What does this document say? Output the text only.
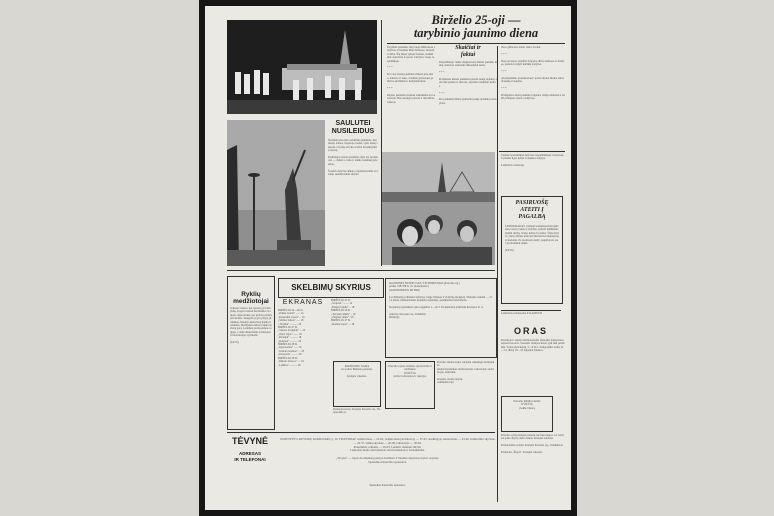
Birželio 25-oji —
tarybinio jaunimo diena
Tarybinis jaunimas dalyvauja didžiosiose statybose ir liaudies ūkio darbuose, mokosi ir dirba. Šią dieną vyksta šventės, susitikimai, koncertai ir sporto varžybos visoje respublikoje.

* * *

Per visą šventę jaunimas rinkosi prie ežero, dainavo ir šoko, sveikino geriausius gamybos pirmūnus ir komjaunuolius.

* * *

Rajono jaunimas ruošiasi susitikimui su veteranais. Bus surengta paroda ir literatūros vakaras.
Skaičiai ir
faktai
Respublikoje veikia daugiau kaip šimtas jaunimo klubų, kuriuose susirenka tūkstančiai narių.

* * *

Praėjusiais metais jaunimas pastatė naujų objektų, utvarkė parkus ir skverus, apsodino medžiais kelius.

* * *

Per penkmetį šimtai jaunuolių baigė technikos mokyklas.
visos gimtosios šalies darbo šventė.

* * *

Nuo pavasario jaunimo brigados dirba laukuose ir fermose, padeda tvarkyti kolūkių statybas.

* * *

„Komjaunimo prožektoriaus" postai nuolat tikrina darbo drausmę ir kokybę.

* * *

Pradėjusios darbą jaunimo brigados viršija užduotis ir laimi pirmąsias vietas varžybose.
SAULUTEI
NUSILEIDUS
Sutemus prie ežero susirinko jaunimas. Skambėjo dainos, liepsnojo laužai, vyko šokių vakaras. Į šventę atvyko svečiai iš kaimyninių rajonų.

Pasibaigus šventei jaunimas ilgai dar nesiskirstė — dainavo, šoko ir sutiko saulėtekį prie ežero.

Šventės dalyviai dėkojo organizatoriams ir žadėjo susitikti kitais metais.
Jaunieji sportininkai dalyvaus respublikinėse varžybose. Jų laukia ilgas kelias ir sunkios rungtys.

Laikraščio redakcija.
PASIRUOŠĘ
ATEITI Į
PAGALBĄ
LENINGRADAS. Jaunieji komjaunuoliai kiekvieną vasarą vyksta į statybas, padeda kolūkiams nuimti derlių, tvarko kelius ir parkus. Šiais metais į darbo būrius užsirašė tūkstančiai moksleivių ir studentų. Jie pasiruošę ateiti į pagalbą ten, kur jų labiausiai reikia.

(TASS).
Laikraščio redaktorius P. KAMUTIS
Ryklių
medžiotojai
Tokiose vietose, kur įprasta gyventi ryklių, žvejai ruošiasi medžioklei iš anksto. Ilgai laukia, kol grobis priartės prie kranto. Daugelis jų yra patyrę jūrininkai, žinantys kiekvieną įlanką ir seklumą. Medžioklė dažnai trunka ne vieną parą. Laimikis parduodamas turguje, o dalis išsiunčiama į muziejus ir laboratorijas tyrimams.

(TASS).
SKELBIMŲ SKYRIUS
EKRANAS
BIRŽELIO 24—26 D.
„Dainų šventė" ...... 14
„Paskutinė vasara" .. 16
„Širdies balsas" ..... 18
„Tėviškė" ........... 20
BIRŽELIO 27 D.
„Vakaro žvaigždė" ... 14
„Jūros vėjas" ....... 16
„Draugai" ........... 18
„Kelionė" ........... 20
BIRŽELIO 28 D.
„Ilgas kelias" ...... 14
„Gintaro krantas" ... 18
„Pavasaris" ......... 20
BIRŽELIO 29 D.
„Miesto šviesos" .... 16
„Laiškas" ........... 20
BIRŽELIO 25 D.
„Svajonė" ........ 14
„Pirmoji meilė" .. 18
BIRŽELIO 26 D.
„Tėvynės sūnūs" .. 16
„Žaliasis slėnis"  20
BIRŽELIO 27 D.
„Rudens lapai" ... 18
PARDUODU NAMĄ
su sodu ir ūkiniais pastatais.

Kreiptis vakarais.
Parduodu karvę. Kreiptis Pasvalio raj., Naujasodžio k.
RAJONINĖS BUITIES GIJŲ TECHNIKUMAS (Pasvalio raj.)
priima 1987/88 m. m. moksleivius į
AGRONOMIJOS SKYRIŲ

Į technikumą priimami asmenys, baigę 8 klases ir vidurinę mokyklą. Mokymo trukmė — 3 ir 4 metai. Moksleiviams mokama stipendija, suteikiamas bendrabutis.

Stojamieji egzaminai vyks rugpjūčio 1—20 d. Dokumentai priimami iki liepos 31 d.

Adresas: Pasvalio raj., Joniškėlis.
Direkcija
Pasvalio rajono buitinio aptarnavimo kombinatas
KVIEČIA
darbui vairuotojus ir siuvėjas.
Pasvalio melioracijos valdybai reikalingi darbininkai:
ekskavatorininkai, buldozeristai, vairuotojai, suvirintojai, elektrikai.

Kreiptis į kadrų skyrių.
Administracija
ORAS
Pasvalyje ir rajone artimiausiomis dienomis numatomas nepastovus oras. Vietomis trumpas lietus, gali būti perkūnija. Vėjas pietvakarių, 5—8 m/s. Temperatūra naktį 10—14, dieną 18—23 laipsniai šilumos.
Pasvalio kultūros namai
KVIEČIA
į šokių vakarą.
Pasvalio ryšių mazgas praneša, kad nuo liepos 1 d. keičiasi pašto skyrių darbo laikas. Kreiptis telefonu.

Parduodama sodyba. Kreiptis Pasvalio raj., Valakėlių k.

Parduodu „Žiguli". Kreiptis vakarais.
TĖVYNĖ
ADRESAS
IR TELEFONAI
PANEVĖŽYS, KĖTURIŲ KOMUNARŲ g. 10. TELEFONAI: redaktoriaus — 22-62, redaktoriaus pavaduotojo — 37-45, atsakingojo sekretoriaus — 23-46, žemės ūkio skyriaus — 24-57, laiškų skyriaus — 20-06, buhalterija — 38-02.
Pranešimai, reklama — 26-93. Leidinio indeksas 66316.
Laikraštis išeina antradieniais, ketvirtadieniais ir šeštadieniais.

„Tėvynė" — rajono Komunistų partijos komiteto ir liaudies deputatų tarybos organas.
Spausdina Panevėžio spaustuvė.
Spausdina Panevėžio spaustuvė.
